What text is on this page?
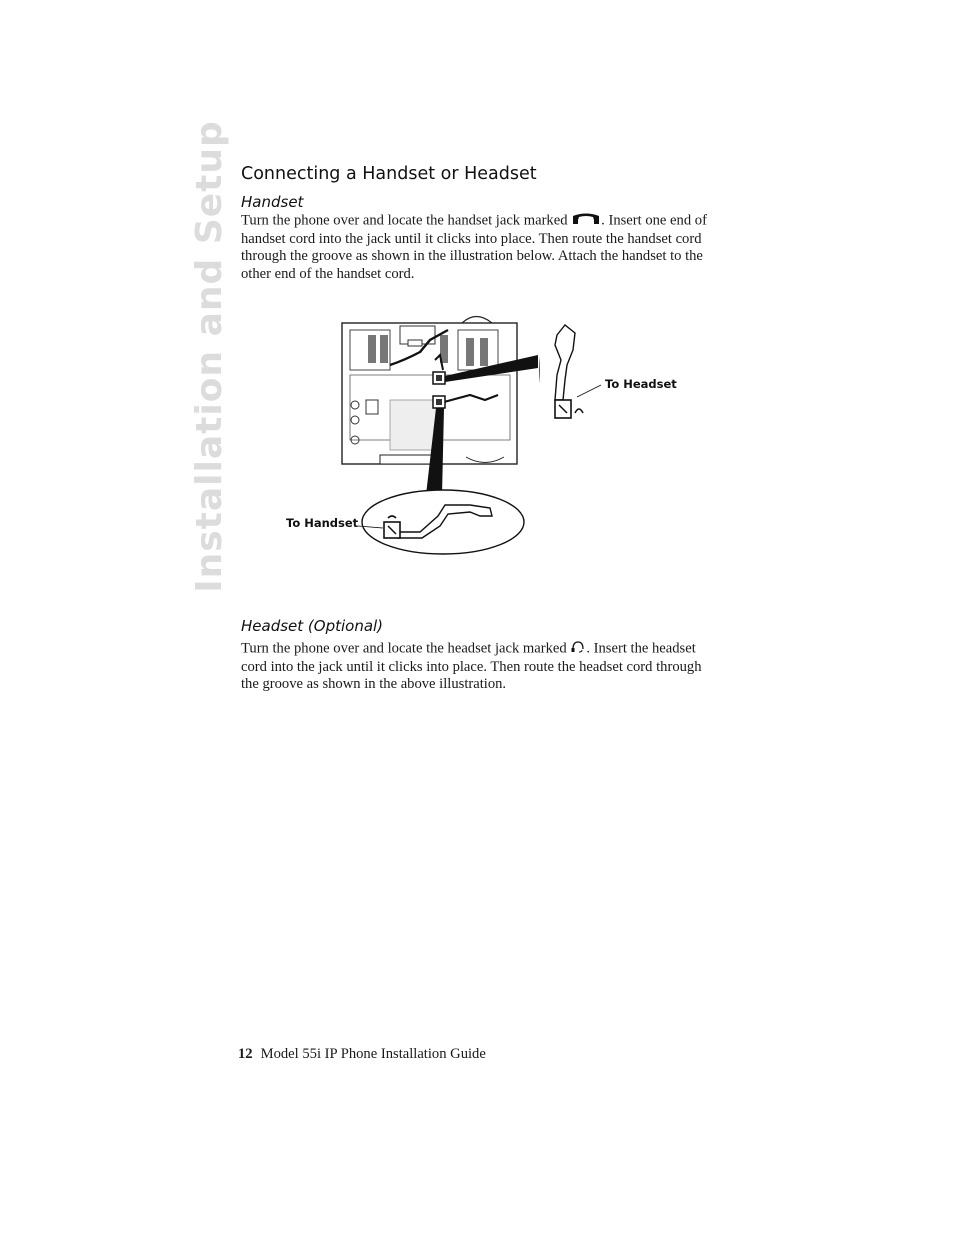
Installation and Setup Connecting a Handset or Headset
Handset

Turn the phone over and locate the handset jack marked . Insert one end of handset cord into the jack until it clicks into place. Then route the handset cord through the groove as shown in the illustration below. Attach the handset to the other end of the handset cord.

To Headset
To Handset
Headset (Optional)

Turn the phone over and locate the headset jack marked . Insert the headset cord into the jack until it clicks into place. Then route the headset cord through the groove as shown in the above illustration.

12 Model 55i IP Phone Installation Guide
